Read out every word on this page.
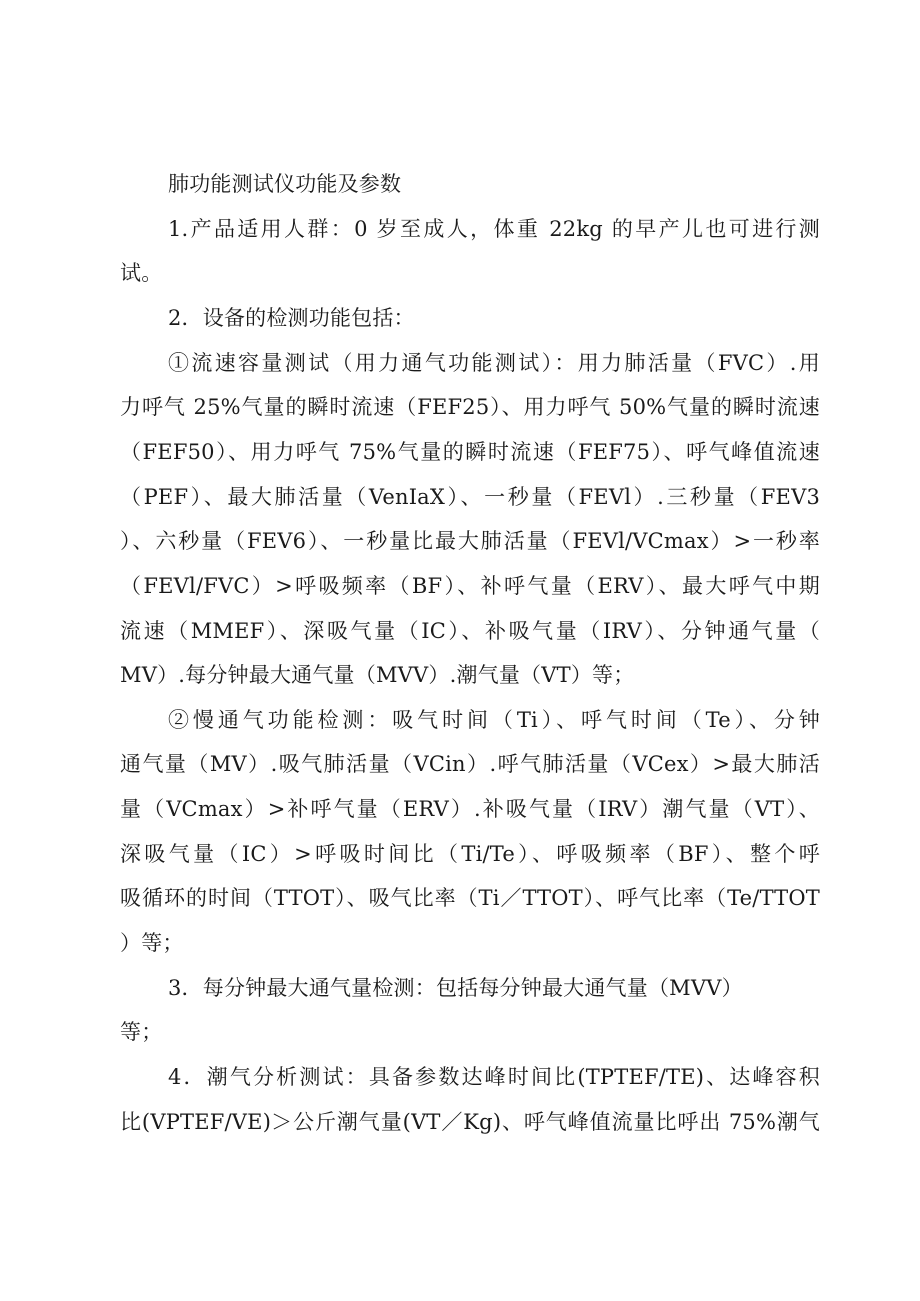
肺功能测试仪功能及参数
1.产品适用人群：0 岁至成人，体重 22kg 的早产儿也可进行测
试。
2．设备的检测功能包括：
①流速容量测试（用力通气功能测试）：用力肺活量（FVC）.用
力呼气 25%气量的瞬时流速（FEF25）、用力呼气 50%气量的瞬时流速
（FEF50）、用力呼气 75%气量的瞬时流速（FEF75）、呼气峰值流速
（PEF）、最大肺活量（VenIaX）、一秒量（FEVl）.三秒量（FEV3
）、六秒量（FEV6）、一秒量比最大肺活量（FEVl/VCmax）>一秒率
（FEVl/FVC）>呼吸频率（BF）、补呼气量（ERV）、最大呼气中期
流速（MMEF）、深吸气量（IC）、补吸气量（IRV）、分钟通气量（
MV）.每分钟最大通气量（MVV）.潮气量（VT）等；
②慢通气功能检测：吸气时间（Ti）、呼气时间（Te）、分钟
通气量（MV）.吸气肺活量（VCin）.呼气肺活量（VCex）>最大肺活
量（VCmax）>补呼气量（ERV）.补吸气量（IRV）潮气量（VT）、
深吸气量（IC）>呼吸时间比（Ti/Te）、呼吸频率（BF）、整个呼
吸循环的时间（TTOT）、吸气比率（Ti／TTOT）、呼气比率（Te/TTOT
）等；
3．每分钟最大通气量检测：包括每分钟最大通气量（MVV）
等；
4．潮气分析测试：具备参数达峰时间比(TPTEF/TE)、达峰容积
比(VPTEF/VE)＞公斤潮气量(VT／Kg)、呼气峰值流量比呼出 75%潮气
